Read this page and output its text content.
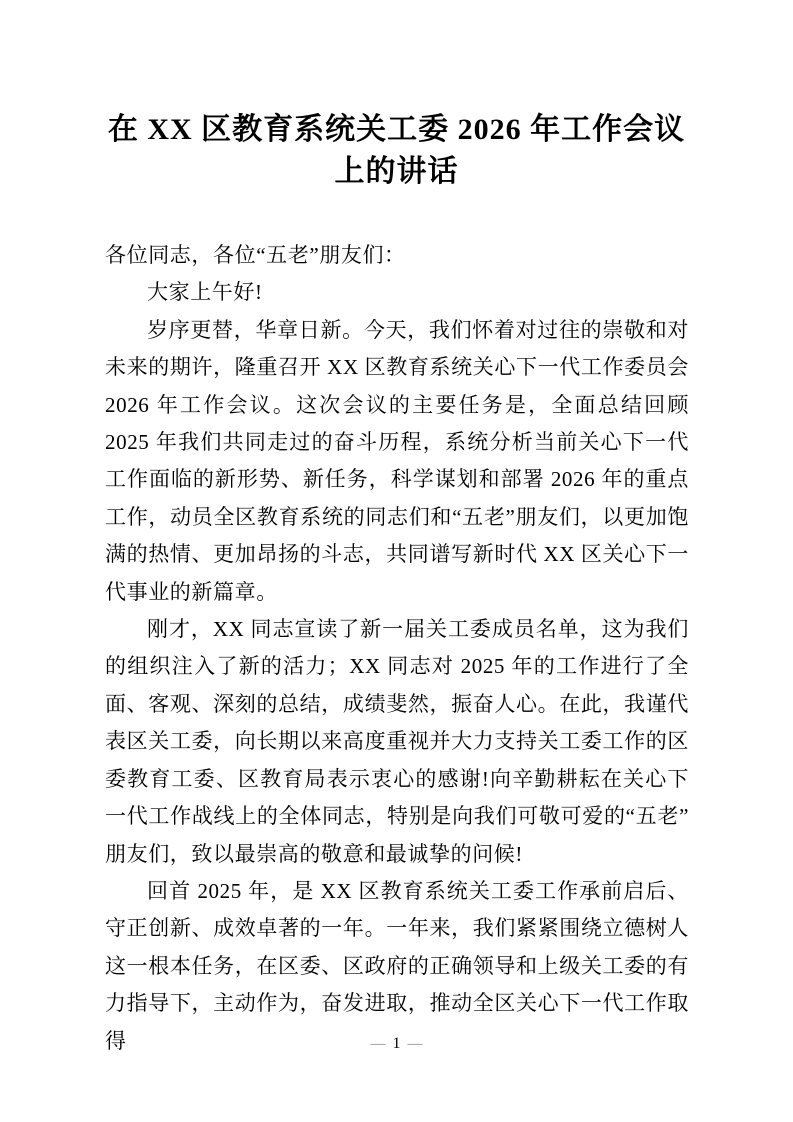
在 XX 区教育系统关工委 2026 年工作会议
上的讲话

各位同志，各位“五老”朋友们：

大家上午好!

岁序更替，华章日新。今天，我们怀着对过往的崇敬和对未来的期许，隆重召开 XX 区教育系统关心下一代工作委员会 2026 年工作会议。这次会议的主要任务是，全面总结回顾 2025 年我们共同走过的奋斗历程，系统分析当前关心下一代工作面临的新形势、新任务，科学谋划和部署 2026 年的重点工作，动员全区教育系统的同志们和“五老”朋友们，以更加饱满的热情、更加昂扬的斗志，共同谱写新时代 XX 区关心下一代事业的新篇章。

刚才，XX 同志宣读了新一届关工委成员名单，这为我们的组织注入了新的活力；XX 同志对 2025 年的工作进行了全面、客观、深刻的总结，成绩斐然，振奋人心。在此，我谨代表区关工委，向长期以来高度重视并大力支持关工委工作的区委教育工委、区教育局表示衷心的感谢!向辛勤耕耘在关心下一代工作战线上的全体同志，特别是向我们可敬可爱的“五老”朋友们，致以最崇高的敬意和最诚挚的问候!

回首 2025 年，是 XX 区教育系统关工委工作承前启后、守正创新、成效卓著的一年。一年来，我们紧紧围绕立德树人这一根本任务，在区委、区政府的正确领导和上级关工委的有力指导下，主动作为，奋发进取，推动全区关心下一代工作取得	— 1 —
